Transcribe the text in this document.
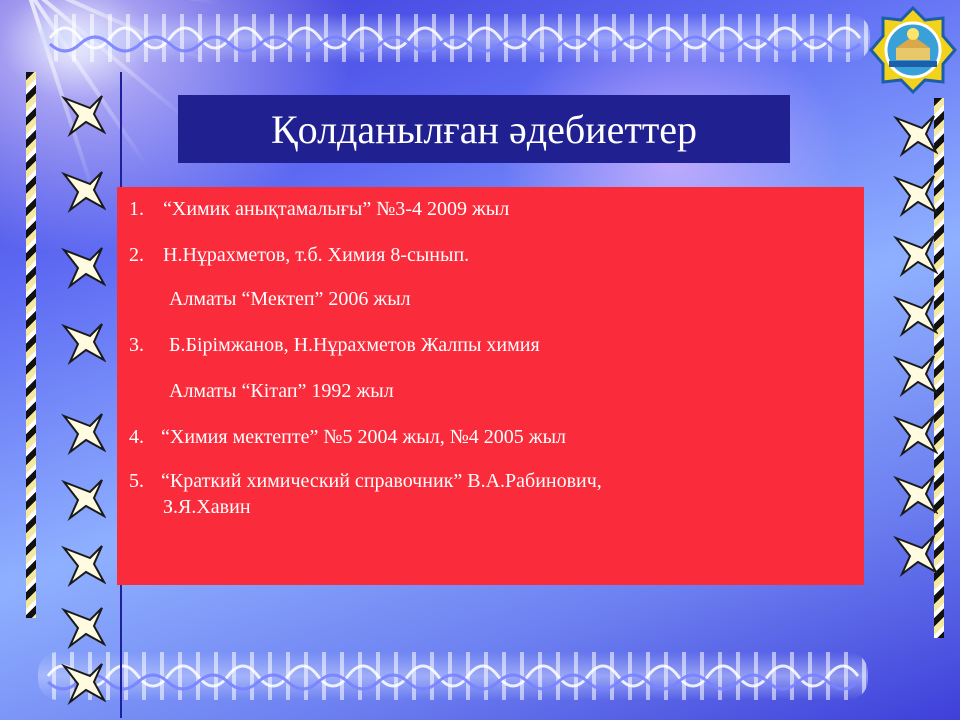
Қолданылған әдебиеттер
1. “Химик анықтамалығы” №3-4 2009 жыл
2. Н.Нұрахметов, т.б. Химия 8-сынып.
Алматы “Мектеп” 2006 жыл
3. Б.Бірімжанов, Н.Нұрахметов Жалпы химия
Алматы “Кітап” 1992 жыл
4. “Химия мектепте” №5 2004 жыл, №4 2005 жыл
5. “Краткий химический справочник” В.А.Рабинович,
З.Я.Хавин
